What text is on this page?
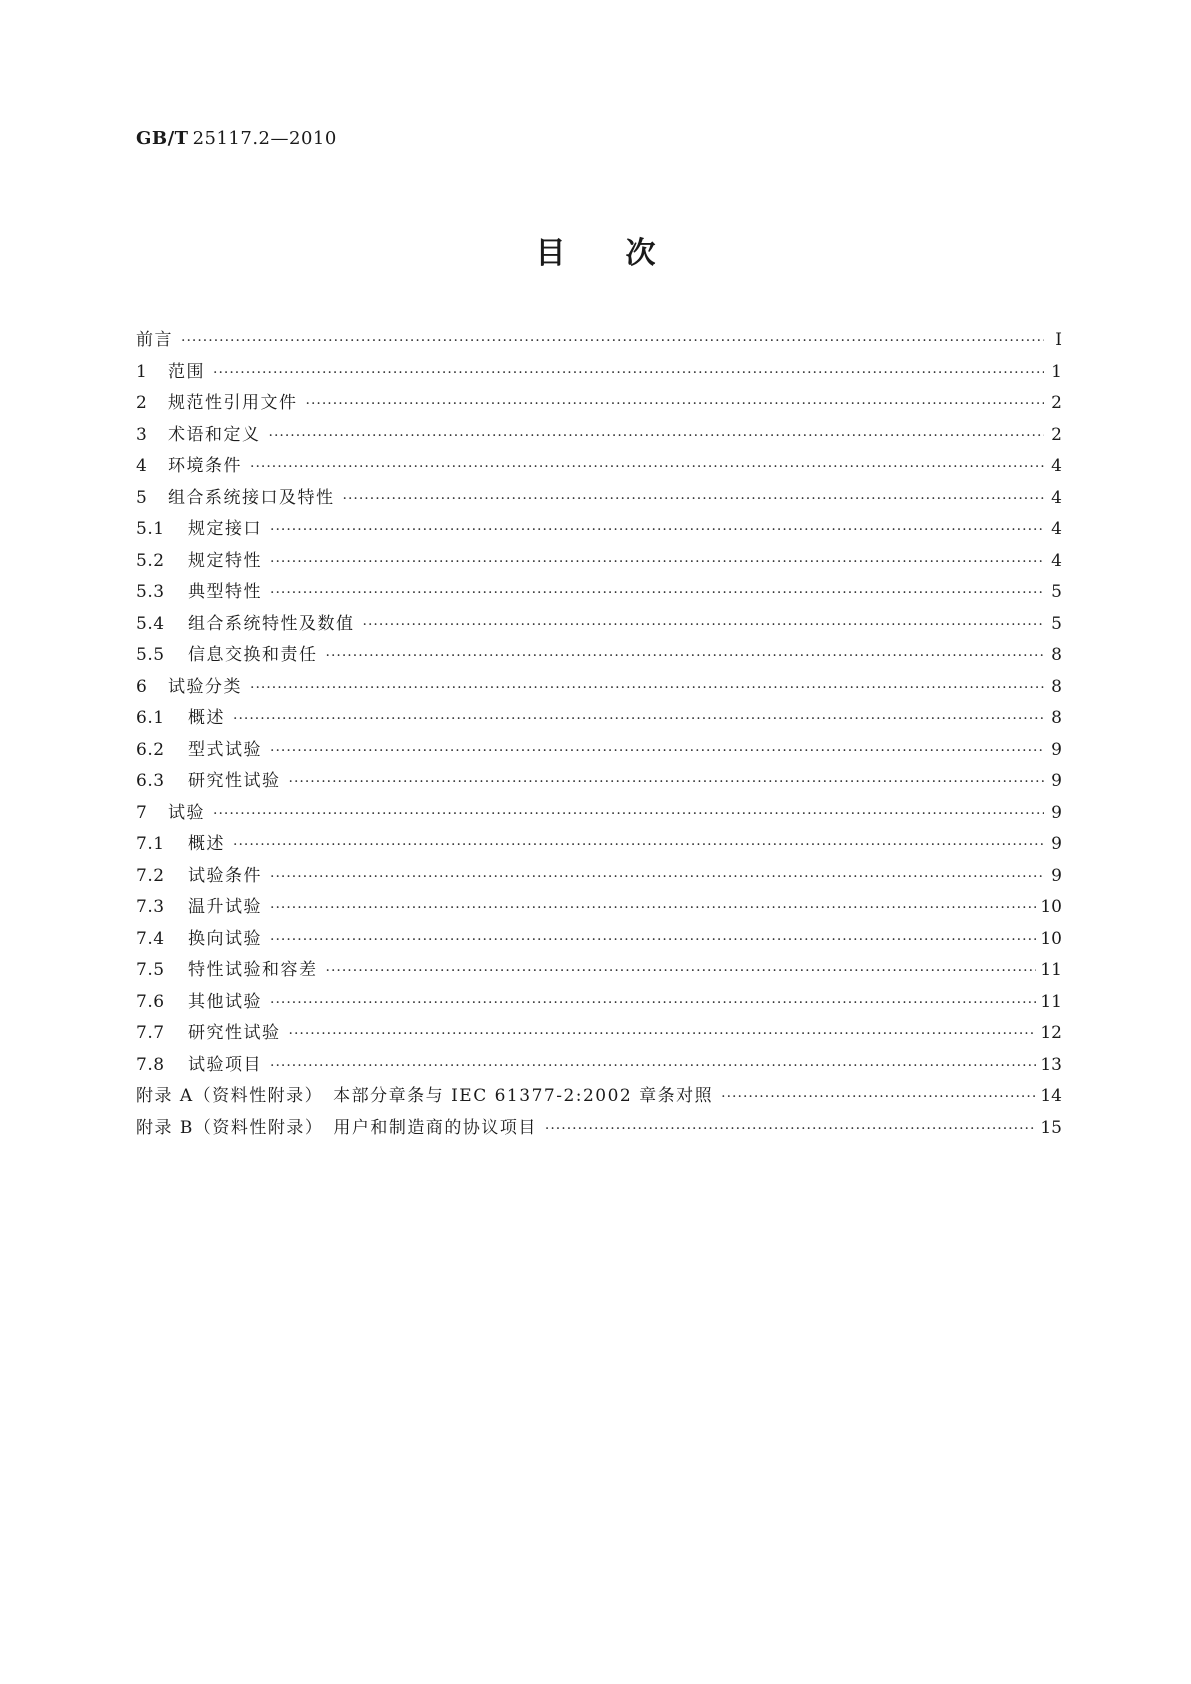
GB/T 25117.2—2010
目次
前言 ·····	Ⅰ
1 范围 ·····	1
2 规范性引用文件 ·····	2
3 术语和定义 ·····	2
4 环境条件 ·····	4
5 组合系统接口及特性 ·····	4
5.1 规定接口 ·····	4
5.2 规定特性 ·····	4
5.3 典型特性 ·····	5
5.4 组合系统特性及数值 ·····	5
5.5 信息交换和责任 ·····	8
6 试验分类 ·····	8
6.1 概述 ·····	8
6.2 型式试验 ·····	9
6.3 研究性试验 ·····	9
7 试验 ·····	9
7.1 概述 ·····	9
7.2 试验条件 ·····	9
7.3 温升试验 ·····	10
7.4 换向试验 ·····	10
7.5 特性试验和容差 ·····	11
7.6 其他试验 ·····	11
7.7 研究性试验 ·····	12
7.8 试验项目 ·····	13
附录 A（资料性附录）　本部分章条与 IEC 61377-2:2002 章条对照 ·····	14
附录 B（资料性附录）　用户和制造商的协议项目 ·····	15
